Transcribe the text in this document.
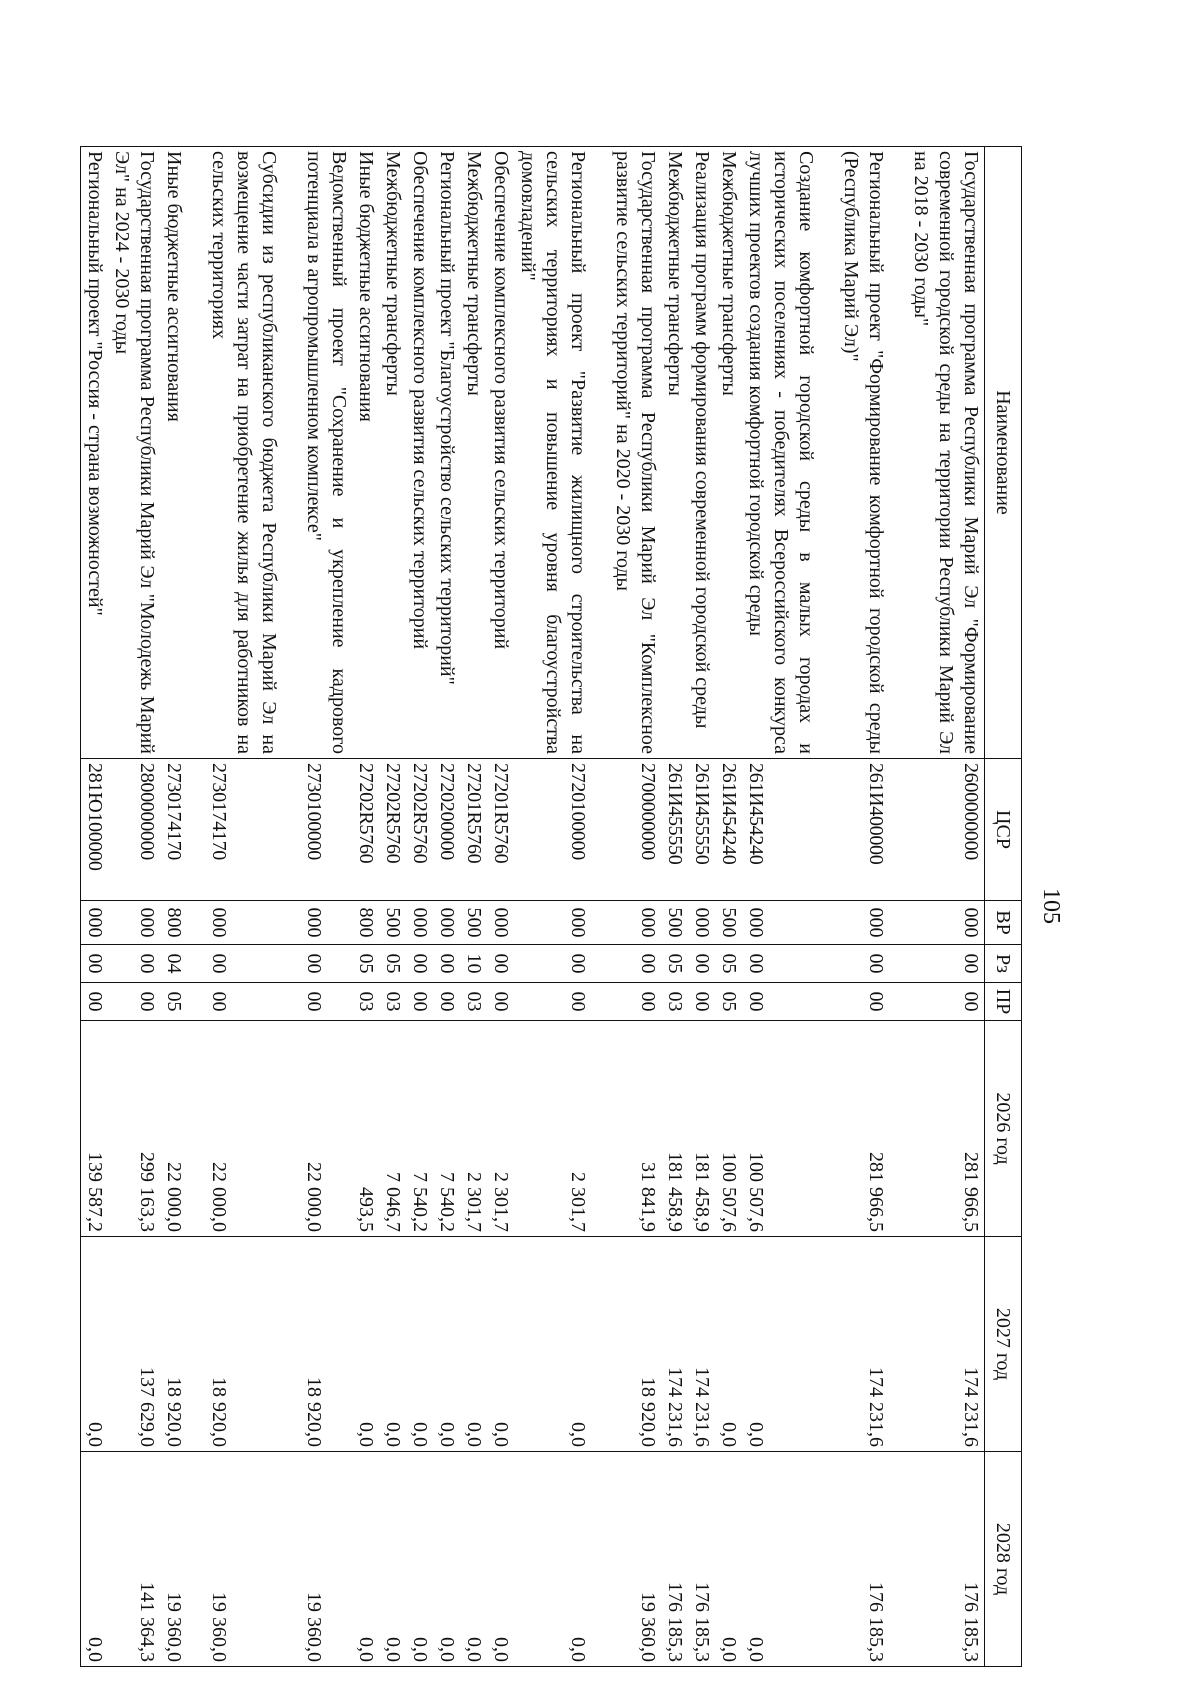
105
Наименование	ЦСР	ВР	Рз	ПР	2026 год	2027 год	2028 год
Государственная программа Республики Марий Эл "Формирование современной городской среды на территории Республики Марий Эл на 2018 - 2030 годы"	2600000000	000	00	00	281 966,5	174 231,6	176 185,3

Региональный проект "Формирование комфортной городской среды (Республика Марий Эл)"	261И400000	000	00	00	281 966,5	174 231,6	176 185,3

Создание комфортной городской среды в малых городах и исторических поселениях - победителях Всероссийского конкурса лучших проектов создания комфортной городской среды	261И454240	000	00	00	100 507,6	0,0	0,0
Межбюджетные трансферты	261И454240	500	05	05	100 507,6	0,0	0,0
Реализация программ формирования современной городской среды	261И455550	000	00	00	181 458,9	174 231,6	176 185,3
Межбюджетные трансферты	261И455550	500	05	03	181 458,9	174 231,6	176 185,3
Государственная программа Республики Марий Эл "Комплексное развитие сельских территорий" на 2020 - 2030 годы	2700000000	000	00	00	31 841,9	18 920,0	19 360,0

Региональный проект "Развитие жилищного строительства на сельских территориях и повышение уровня благоустройства домовладений"	2720100000	000	00	00	2 301,7	0,0	0,0
Обеспечение комплексного развития сельских территорий	27201R5760	000	00	00	2 301,7	0,0	0,0
Межбюджетные трансферты	27201R5760	500	10	03	2 301,7	0,0	0,0
Региональный проект "Благоустройство сельских территорий"	2720200000	000	00	00	7 540,2	0,0	0,0
Обеспечение комплексного развития сельских территорий	27202R5760	000	00	00	7 540,2	0,0	0,0
Межбюджетные трансферты	27202R5760	500	05	03	7 046,7	0,0	0,0
Иные бюджетные ассигнования	27202R5760	800	05	03	493,5	0,0	0,0
Ведомственный проект "Сохранение и укрепление кадрового потенциала в агропромышленном комплексе"	2730100000	000	00	00	22 000,0	18 920,0	19 360,0

Субсидии из республиканского бюджета Республики Марий Эл на возмещение части затрат на приобретение жилья для работников на сельских территориях	2730174170	000	00	00	22 000,0	18 920,0	19 360,0

Иные бюджетные ассигнования	2730174170	800	04	05	22 000,0	18 920,0	19 360,0
Государственная программа Республики Марий Эл "Молодежь Марий Эл" на 2024 - 2030 годы	2800000000	000	00	00	299 163,3	137 629,0	141 364,3
Региональный проект "Россия - страна возможностей"	281Ю100000	000	00	00	139 587,2	0,0	0,0
